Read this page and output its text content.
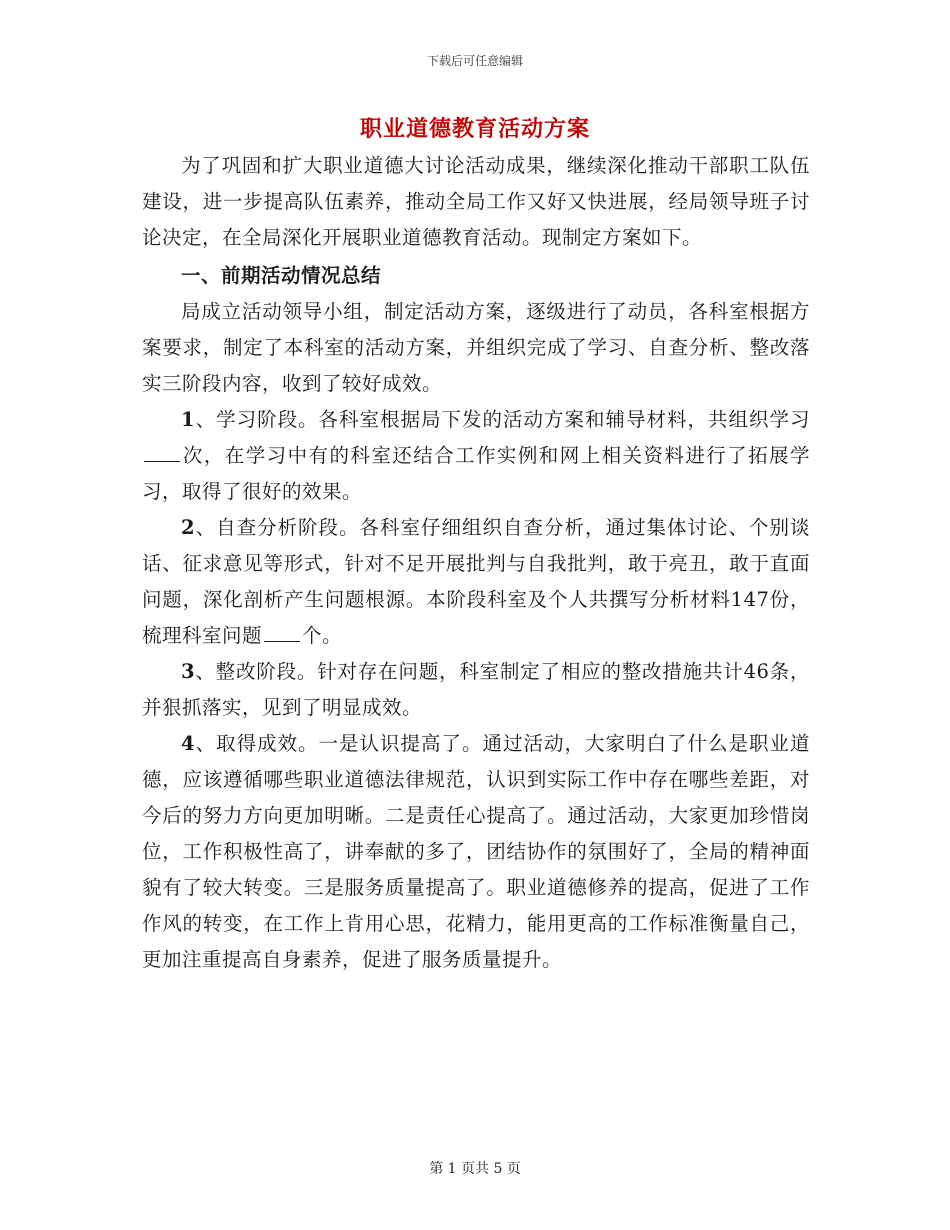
下载后可任意编辑
职业道德教育活动方案

为了巩固和扩大职业道德大讨论活动成果，继续深化推动干部职工队伍建设，进一步提高队伍素养，推动全局工作又好又快进展，经局领导班子讨论决定，在全局深化开展职业道德教育活动。现制定方案如下。

一、前期活动情况总结

局成立活动领导小组，制定活动方案，逐级进行了动员，各科室根据方案要求，制定了本科室的活动方案，并组织完成了学习、自查分析、整改落实三阶段内容，收到了较好成效。

1、学习阶段。各科室根据局下发的活动方案和辅导材料，共组织学习次，在学习中有的科室还结合工作实例和网上相关资料进行了拓展学习，取得了很好的效果。

2、自查分析阶段。各科室仔细组织自查分析，通过集体讨论、个别谈话、征求意见等形式，针对不足开展批判与自我批判，敢于亮丑，敢于直面问题，深化剖析产生问题根源。本阶段科室及个人共撰写分析材料147份，梳理科室问题 个。

3、整改阶段。针对存在问题，科室制定了相应的整改措施共计46条，并狠抓落实，见到了明显成效。

4、取得成效。一是认识提高了。通过活动，大家明白了什么是职业道德，应该遵循哪些职业道德法律规范，认识到实际工作中存在哪些差距，对今后的努力方向更加明晰。二是责任心提高了。通过活动，大家更加珍惜岗位，工作积极性高了，讲奉献的多了，团结协作的氛围好了，全局的精神面貌有了较大转变。三是服务质量提高了。职业道德修养的提高，促进了工作作风的转变，在工作上肯用心思，花精力，能用更高的工作标准衡量自己，更加注重提高自身素养，促进了服务质量提升。

第 1 页共 5 页
